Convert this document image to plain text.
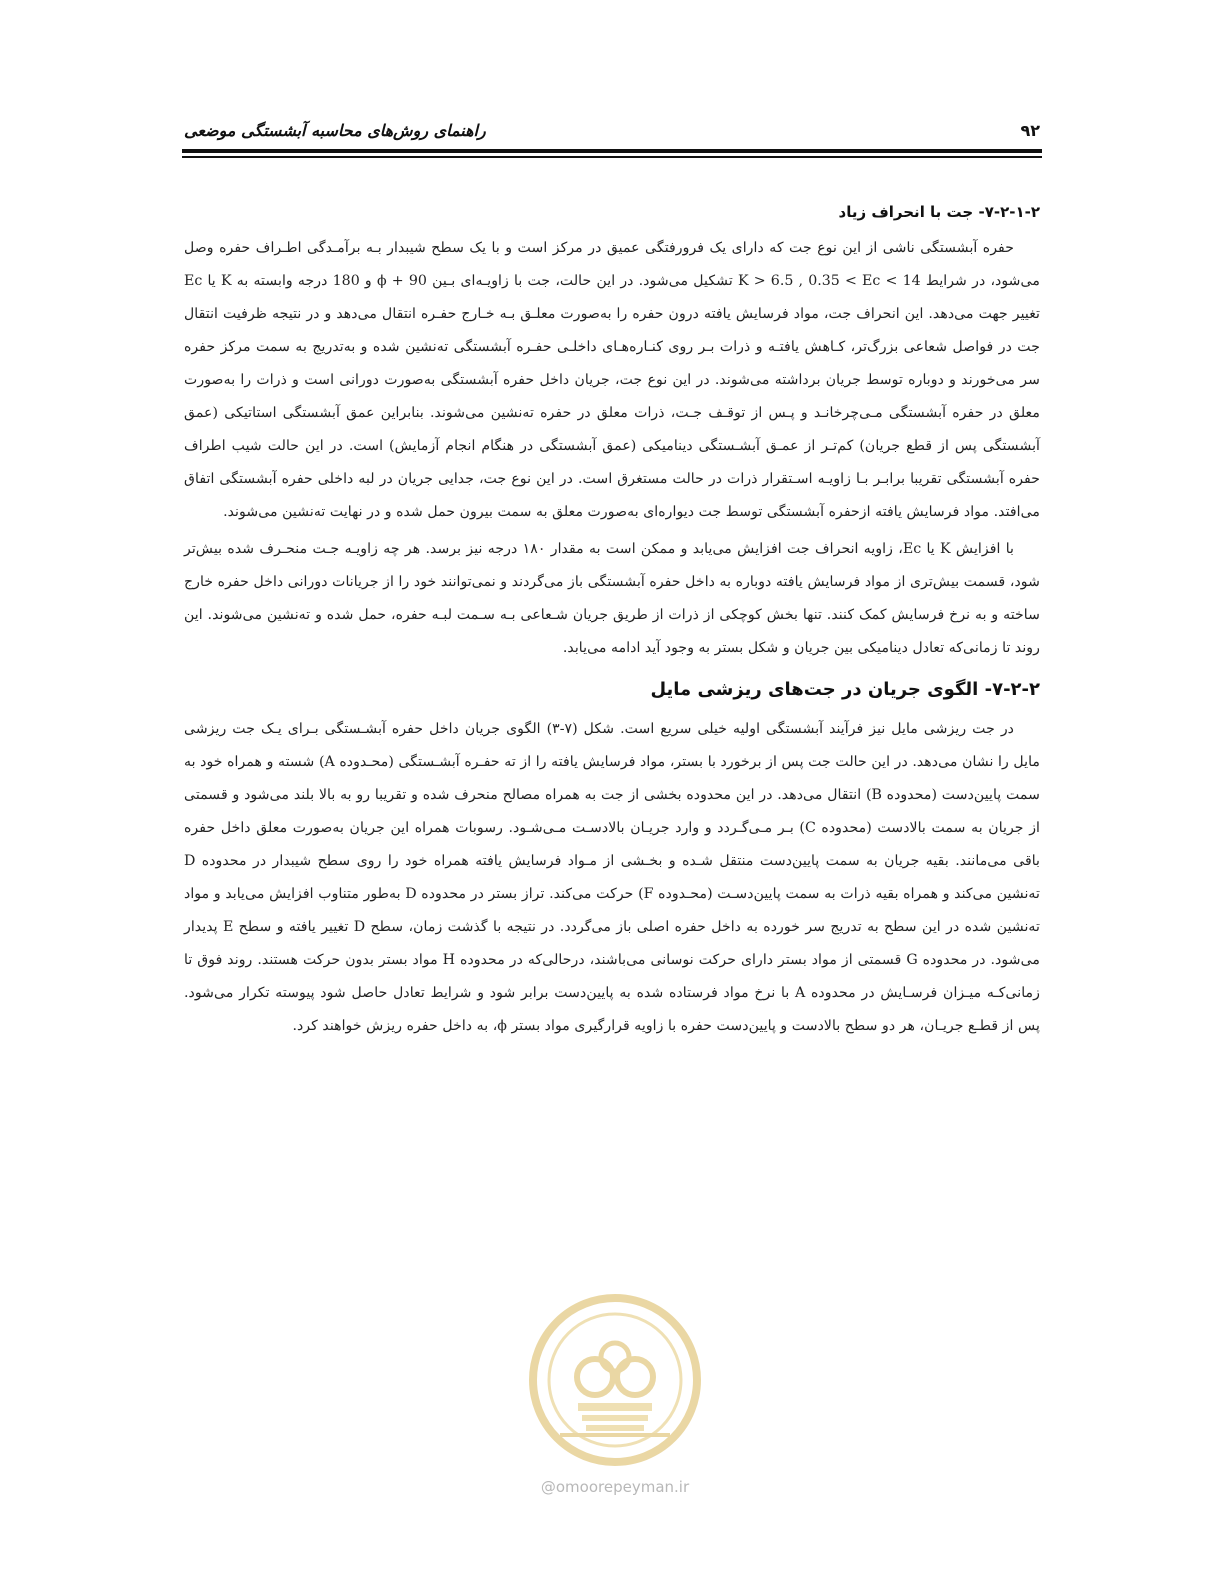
۹۲
راهنمای روش‌های محاسبه آبشستگی موضعی
۷-۲-۱-۲- جت با انحراف زیاد

حفره آبشستگی ناشی از این نوع جت که دارای یک فرورفتگی عمیق در مرکز است و با یک سطح شیبدار بـه برآمـدگی اطـراف حفره وصل می‌شود، در شرایط 14 > K > 6.5 , 0.35 < Ec تشکیل می‌شود. در این حالت، جت با زاویـه‌ای بـین ϕ + 90 و 180 درجه وابسته به K یا Ec تغییر جهت می‌دهد. این انحراف جت، مواد فرسایش یافته درون حفره را به‌صورت معلـق بـه خـارج حفـره انتقال می‌دهد و در نتیجه ظرفیت انتقال جت در فواصل شعاعی بزرگ‌تر، کـاهش یافتـه و ذرات بـر روی کنـاره‌هـای داخلـی حفـره آبشستگی ته‌نشین شده و به‌تدریج به سمت مرکز حفره سر می‌خورند و دوباره توسط جریان برداشته می‌شوند. در این نوع جت، جریان داخل حفره آبشستگی به‌صورت دورانی است و ذرات را به‌صورت معلق در حفره آبشستگی مـی‌چرخانـد و پـس از توقـف جـت، ذرات معلق در حفره ته‌نشین می‌شوند. بنابراین عمق آبشستگی استاتیکی (عمق آبشستگی پس از قطع جریان) کم‌تـر از عمـق آبشـستگی دینامیکی (عمق آبشستگی در هنگام انجام آزمایش) است. در این حالت شیب اطراف حفره آبشستگی تقریبا برابـر بـا زاویـه اسـتقرار ذرات در حالت مستغرق است. در این نوع جت، جدایی جریان در لبه داخلی حفره آبشستگی اتفاق می‌افتد. مواد فرسایش یافته ازحفره آبشستگی توسط جت دیواره‌ای به‌صورت معلق به سمت بیرون حمل شده و در نهایت ته‌نشین می‌شوند.

با افزایش K یا Ec، زاویه انحراف جت افزایش می‌یابد و ممکن است به مقدار ۱۸۰ درجه نیز برسد. هر چه زاویـه جـت منحـرف شده بیش‌تر شود، قسمت بیش‌تری از مواد فرسایش یافته دوباره به داخل حفره آبشستگی باز می‌گردند و نمی‌توانند خود را از جریانات دورانی داخل حفره خارج ساخته و به نرخ فرسایش کمک کنند. تنها بخش کوچکی از ذرات از طریق جریان شـعاعی بـه سـمت لبـه حفره، حمل شده و ته‌نشین می‌شوند. این روند تا زمانی‌که تعادل دینامیکی بین جریان و شکل بستر به وجود آید ادامه می‌یابد.

۷-۲-۲- الگوی جریان در جت‌های ریزشی مایل

در جت ریزشی مایل نیز فرآیند آبشستگی اولیه خیلی سریع است. شکل (۷-۳) الگوی جریان داخل حفره آبشـستگی بـرای یـک جت ریزشی مایل را نشان می‌دهد. در این حالت جت پس از برخورد با بستر، مواد فرسایش یافته را از ته حفـره آبشـستگی (محـدوده A) شسته و همراه خود به سمت پایین‌دست (محدوده B) انتقال می‌دهد. در این محدوده بخشی از جت به همراه مصالح منحرف شده و تقریبا رو به بالا بلند می‌شود و قسمتی از جریان به سمت بالادست (محدوده C) بـر مـی‌گـردد و وارد جریـان بالادسـت مـی‌شـود. رسوبات همراه این جریان به‌صورت معلق داخل حفره باقی می‌مانند. بقیه جریان به سمت پایین‌دست منتقل شـده و بخـشی از مـواد فرسایش یافته همراه خود را روی سطح شیبدار در محدوده D ته‌نشین می‌کند و همراه بقیه ذرات به سمت پایین‌دسـت (محـدوده F) حرکت می‌کند. تراز بستر در محدوده D به‌طور متناوب افزایش می‌یابد و مواد ته‌نشین شده در این سطح به تدریج سر خورده به داخل حفره اصلی باز می‌گردد. در نتیجه با گذشت زمان، سطح D تغییر یافته و سطح E پدیدار می‌شود. در محدوده G قسمتی از مواد بستر دارای حرکت نوسانی می‌باشند، درحالی‌که در محدوده H مواد بستر بدون حرکت هستند. روند فوق تا زمانی‌کـه میـزان فرسـایش در محدوده A با نرخ مواد فرستاده شده به پایین‌دست برابر شود و شرایط تعادل حاصل شود پیوسته تکرار می‌شود. پس از قطـع جریـان، هر دو سطح بالادست و پایین‌دست حفره با زاویه قرارگیری مواد بستر ϕ، به داخل حفره ریزش خواهند کرد.

@omoorepeyman.ir
